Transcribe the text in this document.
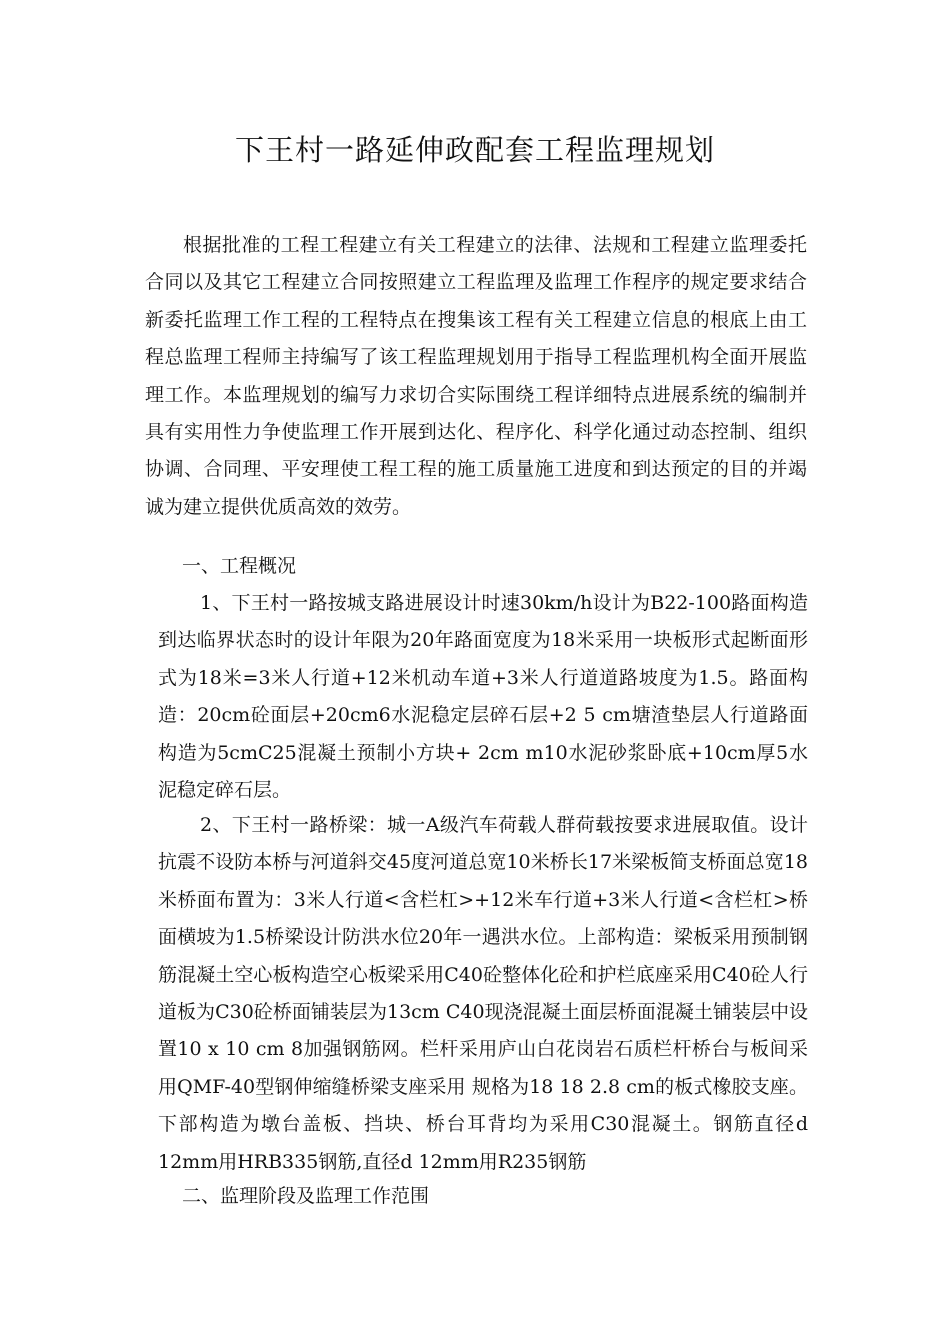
下王村一路延伸政配套工程监理规划

根据批准的工程工程建立有关工程建立的法律、法规和工程建立监理委托合同以及其它工程建立合同按照建立工程监理及监理工作程序的规定要求结合新委托监理工作工程的工程特点在搜集该工程有关工程建立信息的根底上由工程总监理工程师主持编写了该工程监理规划用于指导工程监理机构全面开展监理工作。本监理规划的编写力求切合实际围绕工程详细特点进展系统的编制并具有实用性力争使监理工作开展到达化、程序化、科学化通过动态控制、组织协调、合同理、平安理使工程工程的施工质量施工进度和到达预定的目的并竭诚为建立提供优质高效的效劳。

一、工程概况

1、下王村一路按城支路进展设计时速30km/h设计为B22-100路面构造到达临界状态时的设计年限为20年路面宽度为18米采用一块板形式起断面形式为18米=3米人行道+12米机动车道+3米人行道道路坡度为1.5。路面构造：20cm砼面层+20cm6水泥稳定层碎石层+2 5 cm塘渣垫层人行道路面构造为5cmC25混凝土预制小方块+ 2cm m10水泥砂浆卧底+10cm厚5水泥稳定碎石层。

2、下王村一路桥梁：城一A级汽车荷载人群荷载按要求进展取值。设计抗震不设防本桥与河道斜交45度河道总宽10米桥长17米梁板简支桥面总宽18米桥面布置为：3米人行道<含栏杠>+12米车行道+3米人行道<含栏杠>桥面横坡为1.5桥梁设计防洪水位20年一遇洪水位。上部构造：梁板采用预制钢筋混凝土空心板构造空心板梁采用C40砼整体化砼和护栏底座采用C40砼人行道板为C30砼桥面铺装层为13cm C40现浇混凝土面层桥面混凝土铺装层中设置10 x 10 cm 8加强钢筋网。栏杆采用庐山白花岗岩石质栏杆桥台与板间采用QMF-40型钢伸缩缝桥梁支座采用 规格为18 18 2.8 cm的板式橡胶支座。下部构造为墩台盖板、挡块、桥台耳背均为采用C30混凝土。钢筋直径d 12mm用HRB335钢筋,直径d 12mm用R235钢筋

二、监理阶段及监理工作范围
